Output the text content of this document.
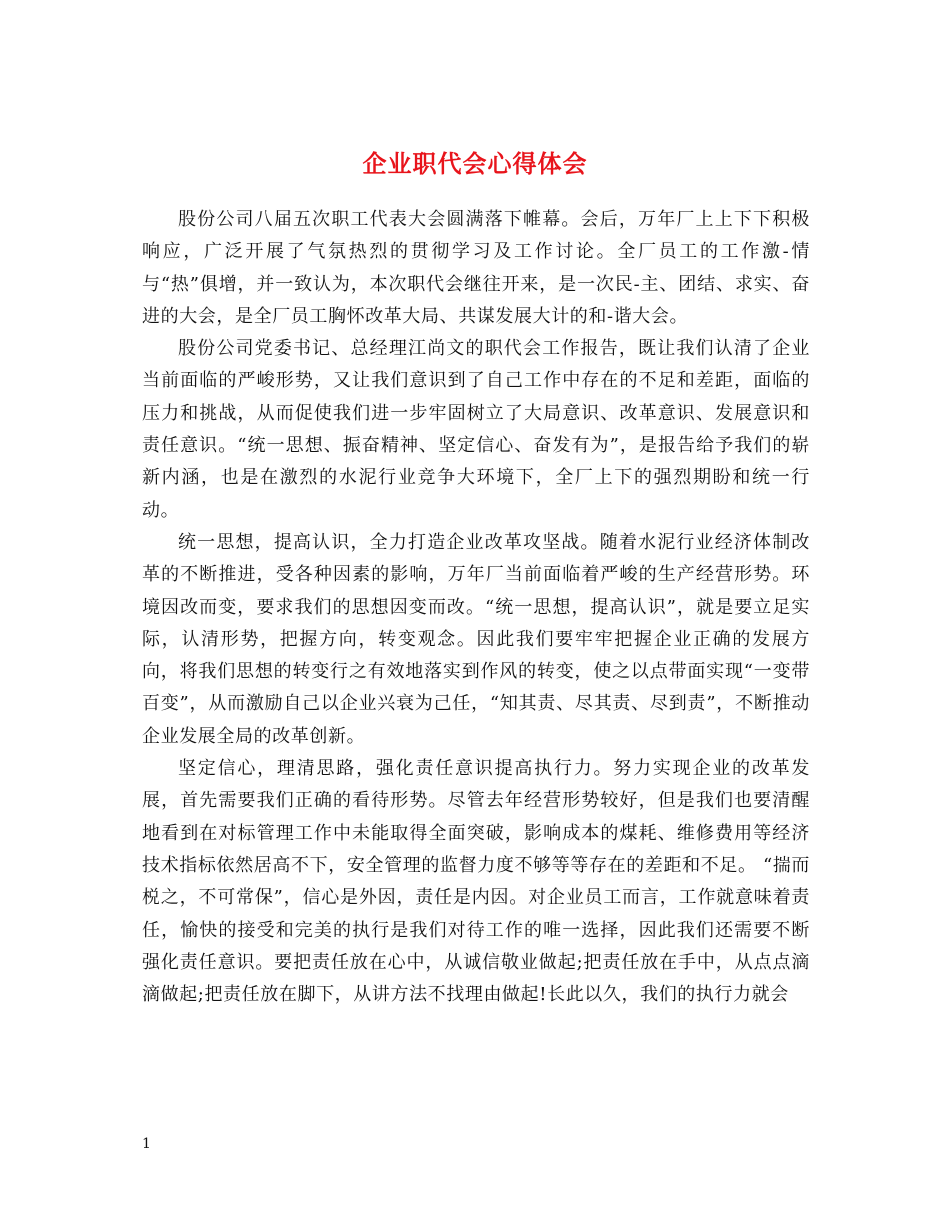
企业职代会心得体会

股份公司八届五次职工代表大会圆满落下帷幕。会后，万年厂上上下下积极响应，广泛开展了气氛热烈的贯彻学习及工作讨论。全厂员工的工作激-情与“热”俱增，并一致认为，本次职代会继往开来，是一次民-主、团结、求实、奋进的大会，是全厂员工胸怀改革大局、共谋发展大计的和-谐大会。

股份公司党委书记、总经理江尚文的职代会工作报告，既让我们认清了企业当前面临的严峻形势，又让我们意识到了自己工作中存在的不足和差距，面临的压力和挑战，从而促使我们进一步牢固树立了大局意识、改革意识、发展意识和责任意识。“统一思想、振奋精神、坚定信心、奋发有为”，是报告给予我们的崭新内涵，也是在激烈的水泥行业竞争大环境下，全厂上下的强烈期盼和统一行动。

统一思想，提高认识，全力打造企业改革攻坚战。随着水泥行业经济体制改革的不断推进，受各种因素的影响，万年厂当前面临着严峻的生产经营形势。环境因改而变，要求我们的思想因变而改。“统一思想，提高认识”，就是要立足实际，认清形势，把握方向，转变观念。因此我们要牢牢把握企业正确的发展方向，将我们思想的转变行之有效地落实到作风的转变，使之以点带面实现“一变带百变”，从而激励自己以企业兴衰为己任，“知其责、尽其责、尽到责”，不断推动企业发展全局的改革创新。

坚定信心，理清思路，强化责任意识提高执行力。努力实现企业的改革发展，首先需要我们正确的看待形势。尽管去年经营形势较好，但是我们也要清醒地看到在对标管理工作中未能取得全面突破，影响成本的煤耗、维修费用等经济技术指标依然居高不下，安全管理的监督力度不够等等存在的差距和不足。 “揣而棁之，不可常保”，信心是外因，责任是内因。对企业员工而言，工作就意味着责任，愉快的接受和完美的执行是我们对待工作的唯一选择，因此我们还需要不断强化责任意识。要把责任放在心中，从诚信敬业做起;把责任放在手中，从点点滴滴做起;把责任放在脚下，从讲方法不找理由做起!长此以久，我们的执行力就会

1
